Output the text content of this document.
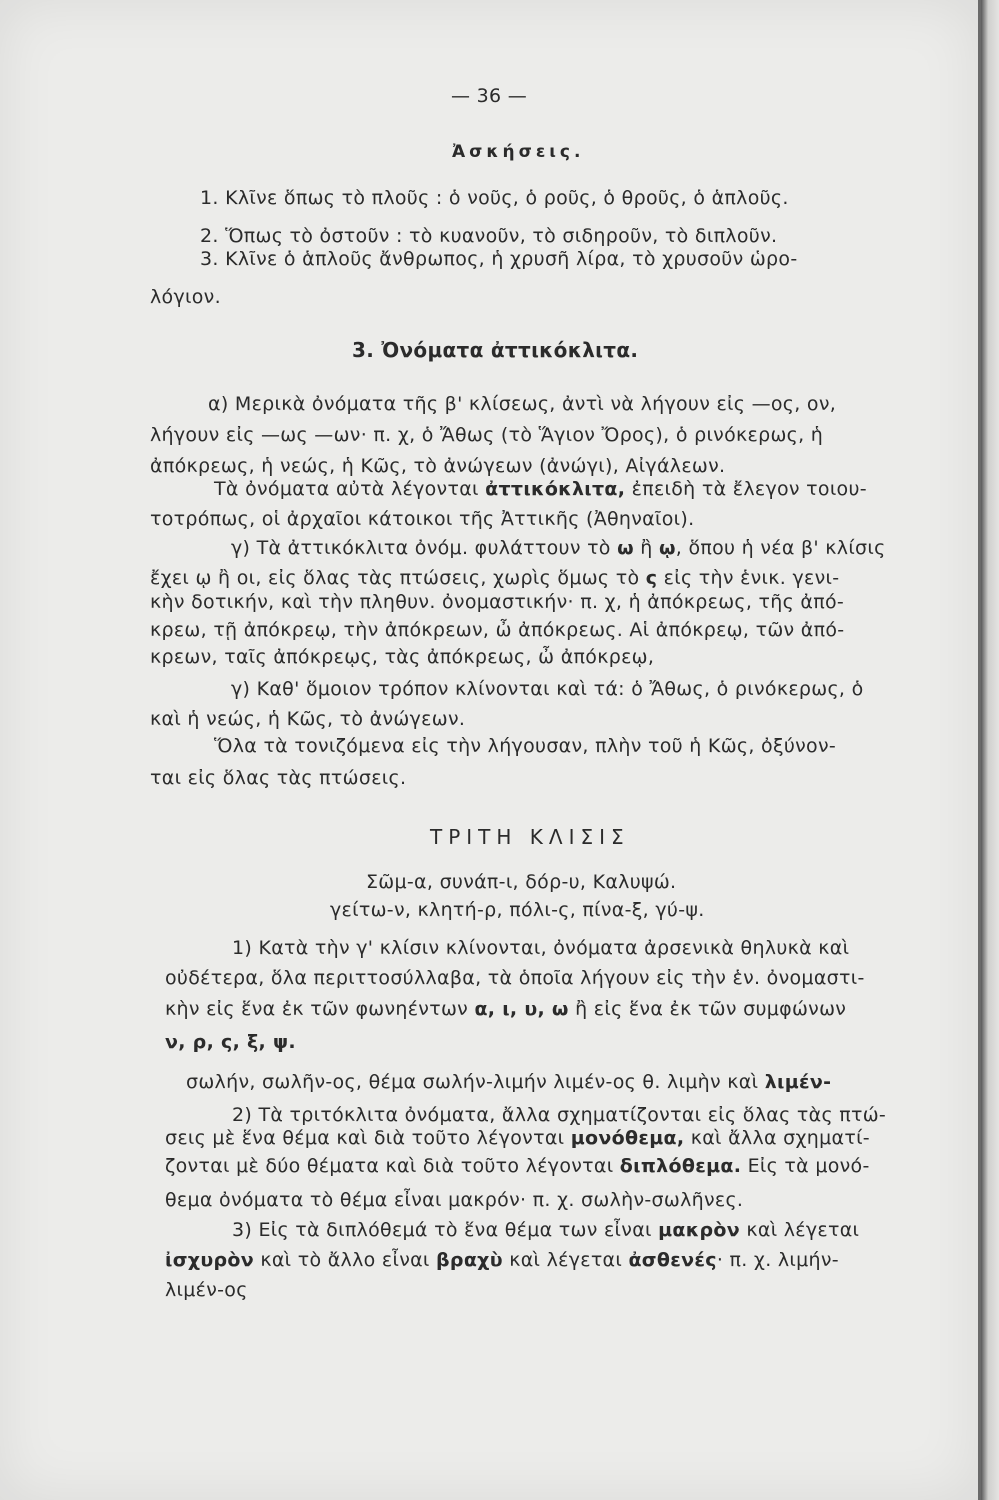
— 36 —
Ἀσκήσεις.
1. Κλῖνε ὅπως τὸ πλοῦς : ὁ νοῦς, ὁ ροῦς, ὁ θροῦς, ὁ ἁπλοῦς.
2. Ὅπως τὸ ὀστοῦν : τὸ κυανοῦν, τὸ σιδηροῦν, τὸ διπλοῦν.
3. Κλῖνε ὁ ἁπλοῦς ἄνθρωπος, ἡ χρυσῆ λίρα, τὸ χρυσοῦν ὡρο-
λόγιον.
3. Ὀνόματα ἀττικόκλιτα.
α) Μερικὰ ὀνόματα τῆς β' κλίσεως, ἀντὶ νὰ λήγουν εἰς —ος, ον,
λήγουν εἰς —ως —ων· π. χ, ὁ Ἄθως (τὸ Ἅγιον Ὄρος), ὁ ρινόκερως, ἡ
ἀπόκρεως, ἡ νεώς, ἡ Κῶς, τὸ ἀνώγεων (ἀνώγι), Αἰγάλεων.
Τὰ ὀνόματα αὐτὰ λέγονται ἀττικόκλιτα, ἐπειδὴ τὰ ἔλεγον τοιου-
τοτρόπως, οἱ ἀρχαῖοι κάτοικοι τῆς Ἀττικῆς (Ἀθηναῖοι).
γ) Τὰ ἀττικόκλιτα ὀνόμ. φυλάττουν τὸ ω ἢ ῳ, ὅπου ἡ νέα β' κλίσις
ἔχει ῳ ἢ οι, εἰς ὅλας τὰς πτώσεις, χωρὶς ὅμως τὸ ς εἰς τὴν ἑνικ. γενι-
κὴν δοτικήν, καὶ τὴν πληθυν. ὀνομαστικήν· π. χ, ἡ ἀπόκρεως, τῆς ἀπό-
κρεω, τῇ ἀπόκρεῳ, τὴν ἀπόκρεων, ὦ ἀπόκρεως. Αἱ ἀπόκρεῳ, τῶν ἀπό-
κρεων, ταῖς ἀπόκρεῳς, τὰς ἀπόκρεως, ὦ ἀπόκρεῳ,
γ) Καθ' ὅμοιον τρόπον κλίνονται καὶ τά: ὁ Ἄθως, ὁ ρινόκερως, ὁ
καὶ ἡ νεώς, ἡ Κῶς, τὸ ἀνώγεων.
Ὅλα τὰ τονιζόμενα εἰς τὴν λήγουσαν, πλὴν τοῦ ἡ Κῶς, ὀξύνον-
ται εἰς ὅλας τὰς πτώσεις.
ΤΡΙΤΗ ΚΛΙΣΙΣ
Σῶμ-α, συνάπ-ι, δόρ-υ, Καλυψώ.
γείτω-ν, κλητή-ρ, πόλι-ς, πίνα-ξ, γύ-ψ.
1) Κατὰ τὴν γ' κλίσιν κλίνονται, ὀνόματα ἀρσενικὰ θηλυκὰ καὶ
οὐδέτερα, ὅλα περιττοσύλλαβα, τὰ ὁποῖα λήγουν εἰς τὴν ἑν. ὀνομαστι-
κὴν εἰς ἕνα ἐκ τῶν φωνηέντων α, ι, υ, ω ἢ εἰς ἕνα ἐκ τῶν συμφώνων
ν, ρ, ς, ξ, ψ.
σωλήν, σωλῆν-ος, θέμα σωλήν-λιμήν λιμέν-ος θ. λιμὴν καὶ λιμέν-
2) Τὰ τριτόκλιτα ὀνόματα, ἄλλα σχηματίζονται εἰς ὅλας τὰς πτώ-
σεις μὲ ἕνα θέμα καὶ διὰ τοῦτο λέγονται μονόθεμα, καὶ ἄλλα σχηματί-
ζονται μὲ δύο θέματα καὶ διὰ τοῦτο λέγονται διπλόθεμα. Εἰς τὰ μονό-
θεμα ὀνόματα τὸ θέμα εἶναι μακρόν· π. χ. σωλὴν-σωλῆνες.
3) Εἰς τὰ διπλόθεμά τὸ ἕνα θέμα των εἶναι μακρὸν καὶ λέγεται
ἰσχυρὸν καὶ τὸ ἄλλο εἶναι βραχὺ καὶ λέγεται ἀσθενές· π. χ. λιμήν-
λιμέν-ος
